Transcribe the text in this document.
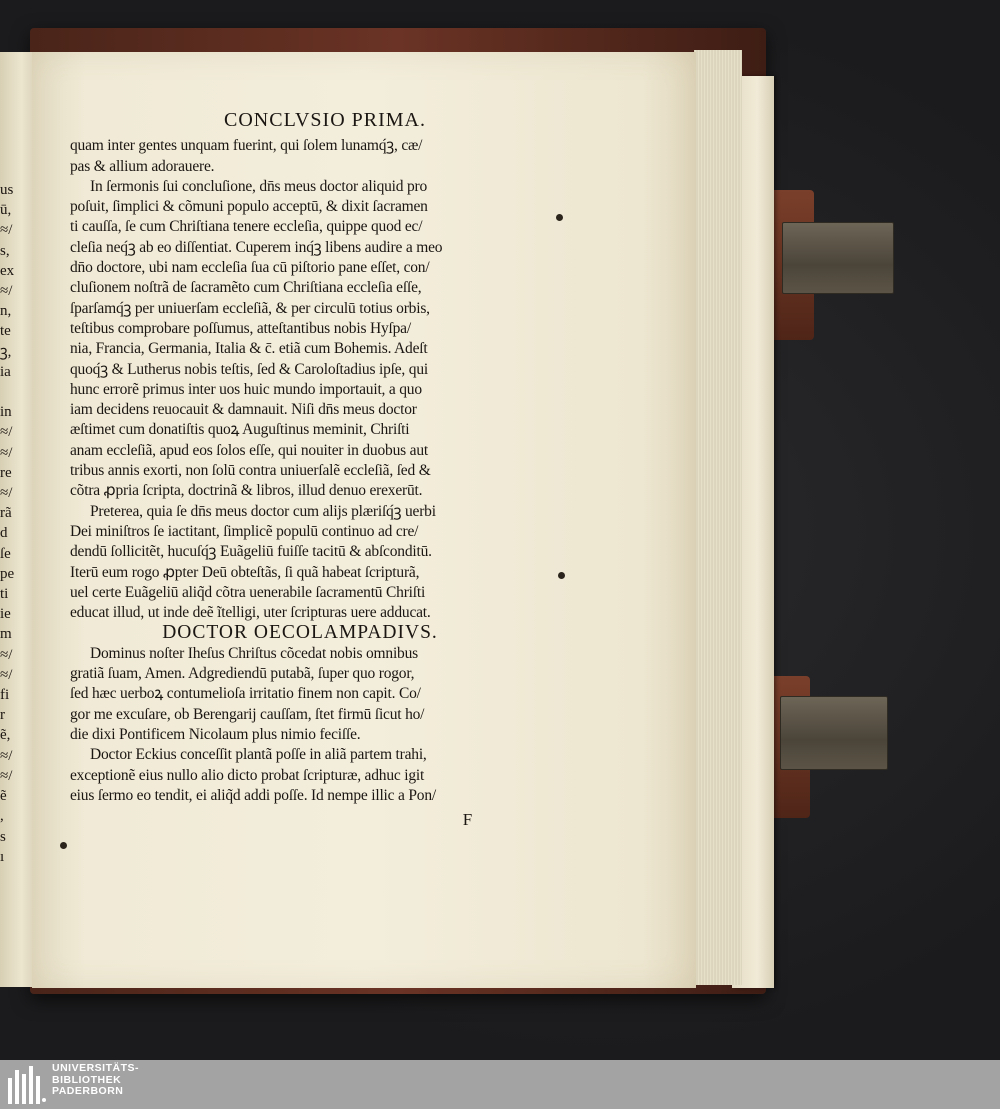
us
ū,
≈/
s,
ex
≈/
n,
te
ꝫ,
ia

in
≈/
≈/
re
≈/
rã
d
ſe
pe
ti
ie
m
≈/
≈/
fi
r
ẽ,
≈/
≈/
ẽ
,
s
ı
CONCLVSIO PRIMA.
quam inter gentes unquam fuerint, qui ſolem lunamq́ꝫ, cæ/
pas & allium adorauere.
In ſermonis ſui concluſione, dn̄s meus doctor aliquid pro
poſuit, ſimplici & cõmuni populo acceptū, & dixit ſacramen
ti cauſſa, ſe cum Chriſtiana tenere eccleſia, quippe quod ec/
cleſia neq́ꝫ ab eo diſſentiat. Cuperem inq́ꝫ libens audire a meo
dn̄o doctore, ubi nam eccleſia ſua cū piſtorio pane eſſet, con/
cluſionem noſtrã de ſacramẽto cum Chriſtiana eccleſia eſſe,
ſparſamq́ꝫ per uniuerſam eccleſiã, & per circulū totius orbis,
teſtibus comprobare poſſumus, atteſtantibus nobis Hyſpa/
nia, Francia, Germania, Italia & c̄. etiã cum Bohemis. Adeſt
quoq́ꝫ & Lutherus nobis teſtis, ſed & Caroloſtadius ipſe, qui
hunc errorẽ primus inter uos huic mundo importauit, a quo
iam decidens reuocauit & damnauit. Niſi dn̄s meus doctor
æſtimet cum donatiſtis quoꝝ Auguſtinus meminit, Chriſti
anam eccleſiã, apud eos ſolos eſſe, qui nouiter in duobus aut
tribus annis exorti, non ſolū contra uniuerſalẽ eccleſiã, ſed &
cõtra ꝓpria ſcripta, doctrinã & libros, illud denuo erexerūt.
Preterea, quia ſe dn̄s meus doctor cum alijs plæriſq́ꝫ uerbi
Dei miniſtros ſe iactitant, ſimplicẽ populū continuo ad cre/
dendū ſollicitẽt, hucuſq́ꝫ Euãgeliū fuiſſe tacitū & abſconditū.
Iterū eum rogo ꝓpter Deū obteſtãs, ſi quã habeat ſcripturã,
uel certe Euãgeliū aliq̃d cõtra uenerabile ſacramentū Chriſti
educat illud, ut inde deẽ ĩtelligi, uter ſcripturas uere adducat.
DOCTOR OECOLAMPADIVS.
Dominus noſter Iheſus Chriſtus cõcedat nobis omnibus
gratiã ſuam, Amen. Adgrediendū putabã, ſuper quo rogor,
ſed hæc uerboꝝ contumelioſa irritatio finem non capit. Co/
gor me excuſare, ob Berengarij cauſſam, ſtet firmū ſicut ho/
die dixi Pontificem Nicolaum plus nimio feciſſe.
Doctor Eckius conceſſit plantã poſſe in aliã partem trahi,
exceptionẽ eius nullo alio dicto probat ſcripturæ, adhuc igit
eius ſermo eo tendit, ei aliq̃d addi poſſe. Id nempe illic a Pon/
F
UNIVERSITÄTS-
BIBLIOTHEK
PADERBORN
